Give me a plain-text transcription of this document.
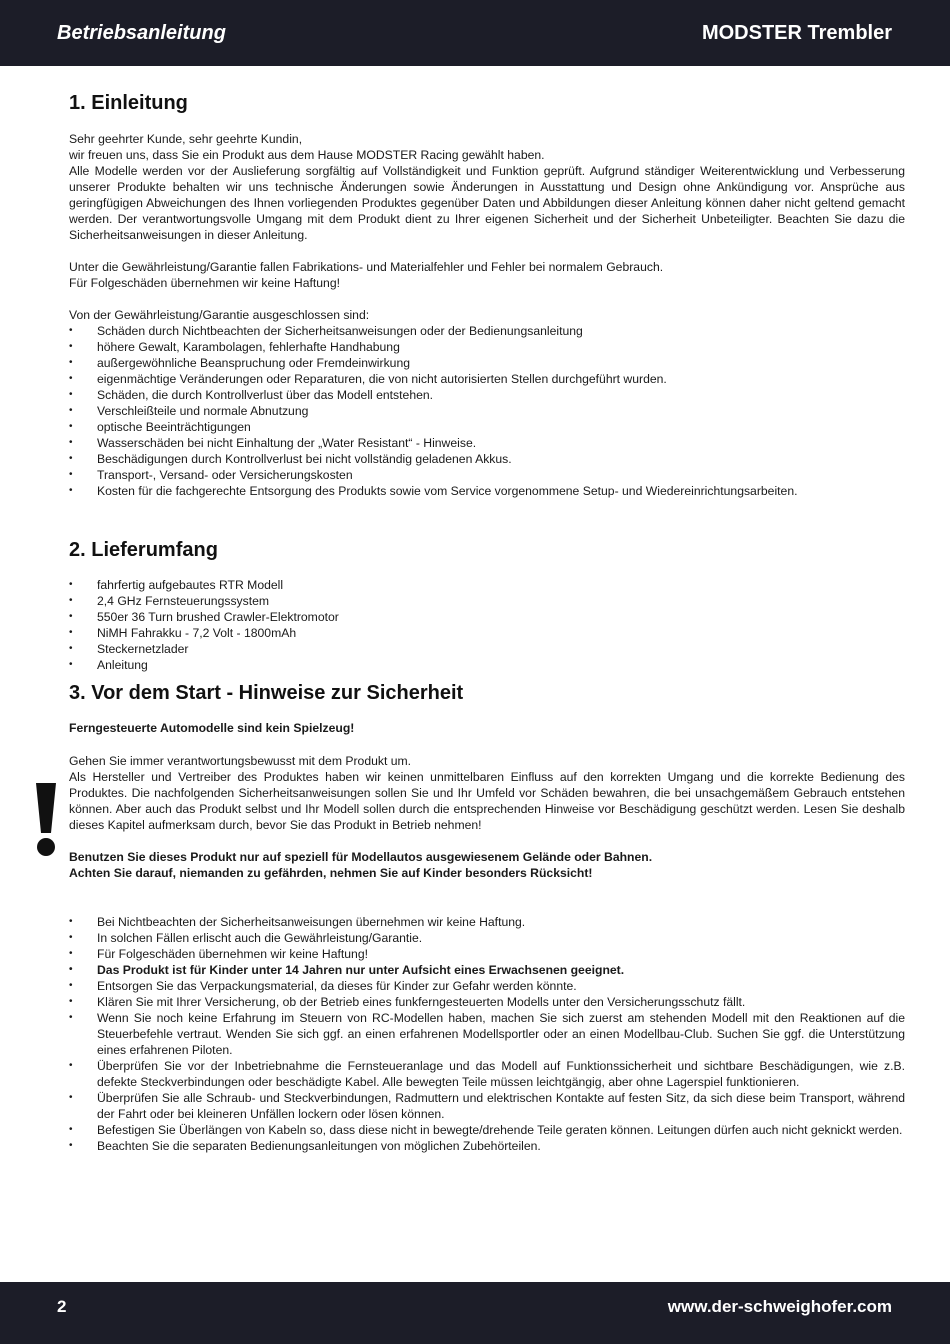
Betriebsanleitung	MODSTER Trembler
1. Einleitung

Sehr geehrter Kunde, sehr geehrte Kundin,

wir freuen uns, dass Sie ein Produkt aus dem Hause MODSTER Racing gewählt haben.

Alle Modelle werden vor der Auslieferung sorgfältig auf Vollständigkeit und Funktion geprüft. Aufgrund ständiger Weiterentwicklung und Verbesserung unserer Produkte behalten wir uns technische Änderungen sowie Änderungen in Ausstattung und Design ohne Ankündigung vor. Ansprüche aus geringfügigen Abweichungen des Ihnen vorliegenden Produktes gegenüber Daten und Abbildungen dieser Anleitung können daher nicht geltend gemacht werden. Der verantwortungsvolle Umgang mit dem Produkt dient zu Ihrer eigenen Sicherheit und der Sicherheit Unbeteiligter. Beachten Sie dazu die Sicherheitsanweisungen in dieser Anleitung.

Unter die Gewährleistung/Garantie fallen Fabrikations- und Materialfehler und Fehler bei normalem Gebrauch.

Für Folgeschäden übernehmen wir keine Haftung!

Von der Gewährleistung/Garantie ausgeschlossen sind:

• Schäden durch Nichtbeachten der Sicherheitsanweisungen oder der Bedienungsanleitung
• höhere Gewalt, Karambolagen, fehlerhafte Handhabung
• außergewöhnliche Beanspruchung oder Fremdeinwirkung
• eigenmächtige Veränderungen oder Reparaturen, die von nicht autorisierten Stellen durchgeführt wurden.
• Schäden, die durch Kontrollverlust über das Modell entstehen.
• Verschleißteile und normale Abnutzung
• optische Beeinträchtigungen
• Wasserschäden bei nicht Einhaltung der „Water Resistant“ - Hinweise.
• Beschädigungen durch Kontrollverlust bei nicht vollständig geladenen Akkus.
• Transport-, Versand- oder Versicherungskosten
• Kosten für die fachgerechte Entsorgung des Produkts sowie vom Service vorgenommene Setup- und Wiedereinrichtungsarbeiten.
2. Lieferumfang
• fahrfertig aufgebautes RTR Modell
• 2,4 GHz Fernsteuerungssystem
• 550er 36 Turn brushed Crawler-Elektromotor
• NiMH Fahrakku - 7,2 Volt - 1800mAh
• Steckernetzlader
• Anleitung
3. Vor dem Start - Hinweise zur Sicherheit

Ferngesteuerte Automodelle sind kein Spielzeug!

Gehen Sie immer verantwortungsbewusst mit dem Produkt um.

Als Hersteller und Vertreiber des Produktes haben wir keinen unmittelbaren Einfluss auf den korrekten Umgang und die korrekte Bedienung des Produktes. Die nachfolgenden Sicherheitsanweisungen sollen Sie und Ihr Umfeld vor Schäden bewahren, die bei unsachgemäßem Gebrauch entstehen können. Aber auch das Produkt selbst und Ihr Modell sollen durch die entsprechenden Hinweise vor Beschädigung geschützt werden. Lesen Sie deshalb dieses Kapitel aufmerksam durch, bevor Sie das Produkt in Betrieb nehmen!

Benutzen Sie dieses Produkt nur auf speziell für Modellautos ausgewiesenem Gelände oder Bahnen.

Achten Sie darauf, niemanden zu gefährden, nehmen Sie auf Kinder besonders Rücksicht!

• Bei Nichtbeachten der Sicherheitsanweisungen übernehmen wir keine Haftung.
• In solchen Fällen erlischt auch die Gewährleistung/Garantie.
• Für Folgeschäden übernehmen wir keine Haftung!
• Das Produkt ist für Kinder unter 14 Jahren nur unter Aufsicht eines Erwachsenen geeignet.
• Entsorgen Sie das Verpackungsmaterial, da dieses für Kinder zur Gefahr werden könnte.
• Klären Sie mit Ihrer Versicherung, ob der Betrieb eines funkferngesteuerten Modells unter den Versicherungsschutz fällt.
• Wenn Sie noch keine Erfahrung im Steuern von RC-Modellen haben, machen Sie sich zuerst am stehenden Modell mit den Reaktionen auf die Steuerbefehle vertraut. Wenden Sie sich ggf. an einen erfahrenen Modellsportler oder an einen Modellbau-Club. Suchen Sie ggf. die Unterstützung eines erfahrenen Piloten.
• Überprüfen Sie vor der Inbetriebnahme die Fernsteueranlage und das Modell auf Funktionssicherheit und sichtbare Beschädigungen, wie z.B. defekte Steckverbindungen oder beschädigte Kabel. Alle bewegten Teile müssen leichtgängig, aber ohne Lagerspiel funktionieren.
• Überprüfen Sie alle Schraub- und Steckverbindungen, Radmuttern und elektrischen Kontakte auf festen Sitz, da sich diese beim Transport, während der Fahrt oder bei kleineren Unfällen lockern oder lösen können.
• Befestigen Sie Überlängen von Kabeln so, dass diese nicht in bewegte/drehende Teile geraten können. Leitungen dürfen auch nicht geknickt werden.
• Beachten Sie die separaten Bedienungsanleitungen von möglichen Zubehörteilen.
2	www.der-schweighofer.com
